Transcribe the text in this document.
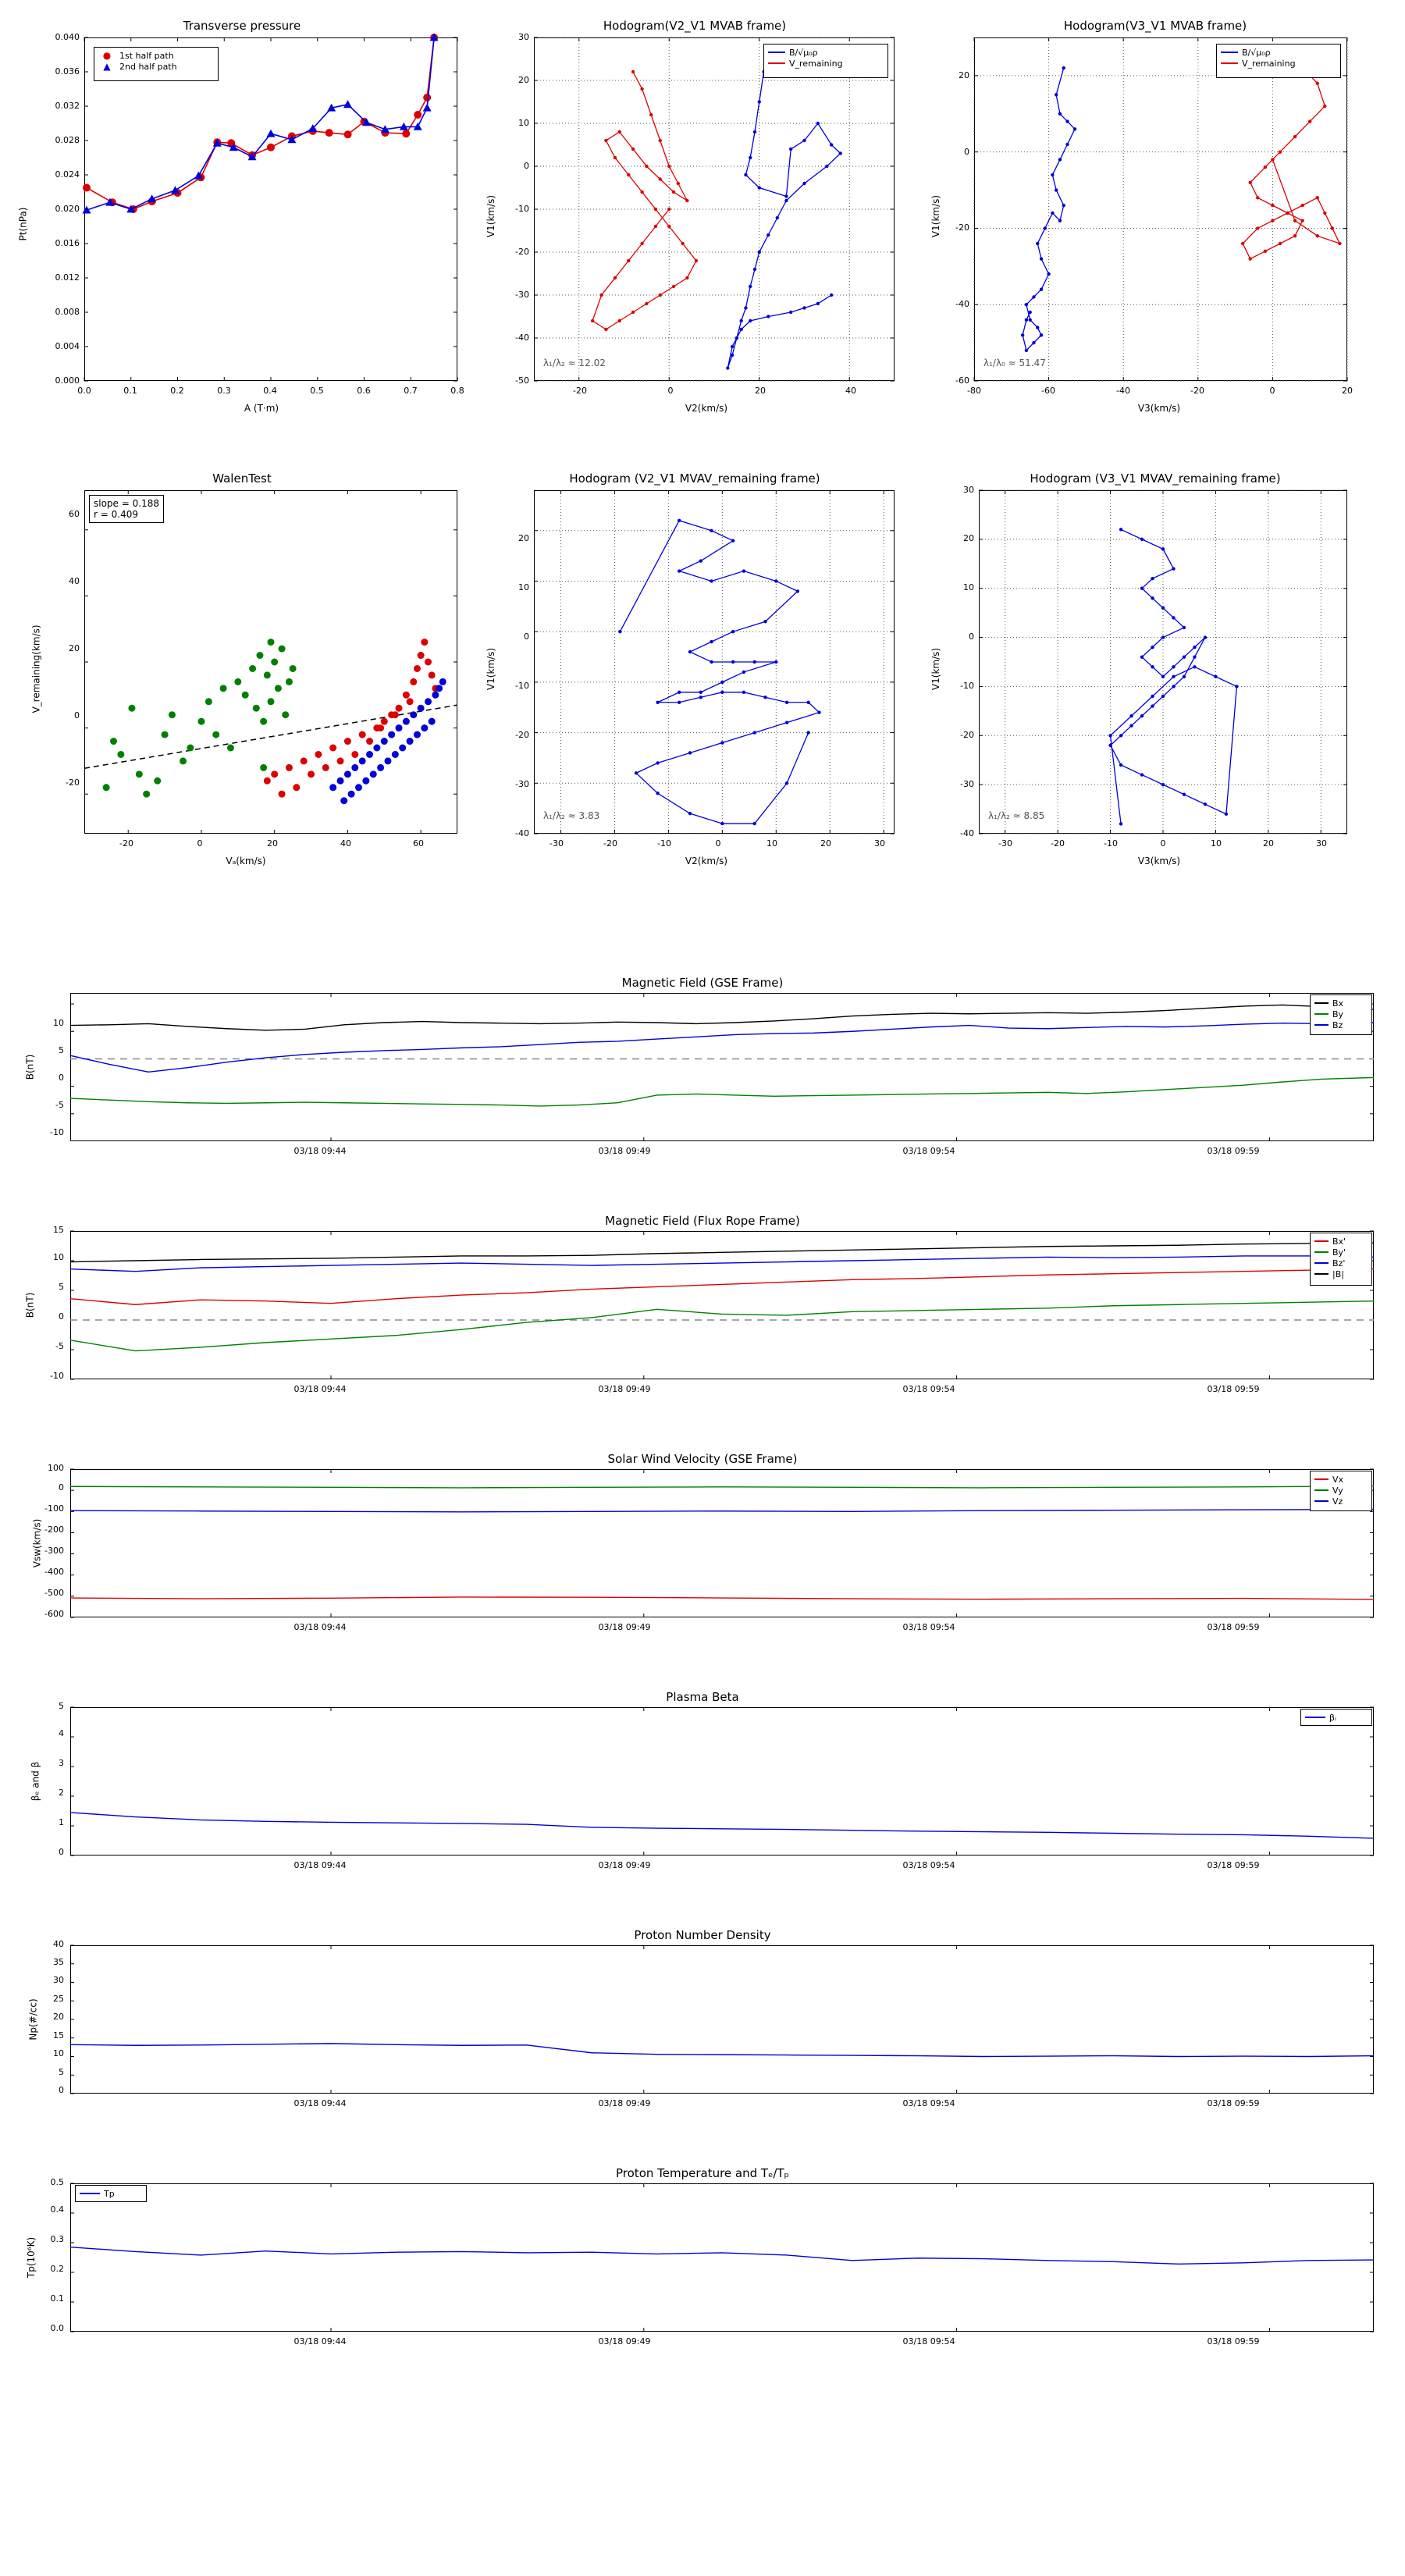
Transverse pressure
Pt(nPa)
A (T·m)
0.000
0.004
0.008
0.012
0.016
0.020
0.024
0.028
0.032
0.036
0.040
0.0	0.1	0.2	0.3	0.4	0.5	0.6	0.7	0.8
● 1st half path
▲	2nd half path
Hodogram(V2_V1 MVAB frame)
V1(km/s)
V2(km/s)
-50
-40
-30
-20
-10
0
10
20
30
-20	0	20	40
B/√μ₀ρ
V_remaining
λ₁/λ₂ ≈ 12.02
Hodogram(V3_V1 MVAB frame)
V1(km/s)
V3(km/s)
-60
-40
-20
0
20
-80	-60	-40	-20	0	20
B/√μ₀ρ
V_remaining
λ₁/λ₀ ≈ 51.47
WalenTest
V_remaining(km/s)
Vₐ(km/s)
-20
0
20
40
60
-20	0	20	40	60
slope = 0.188
r = 0.409
Hodogram (V2_V1 MVAV_remaining frame)
V1(km/s)
V2(km/s)
-40
-30
-20
-10
0
10
20
-30	-20	-10	0	10	20	30
λ₁/λ₂ ≈ 3.83
Hodogram (V3_V1 MVAV_remaining frame)
V1(km/s)
V3(km/s)
-40
-30
-20
-10
0
10
20
30
-30	-20	-10	0	10	20	30
λ₁/λ₂ ≈ 8.85
Magnetic Field (GSE Frame)
B(nT)
-10
-5
0
5
10
03/18 09:44	03/18 09:49	03/18 09:54	03/18 09:59
Bx
By
Bz
Magnetic Field (Flux Rope Frame)
B(nT)
-10
-5
0
5
10
15
03/18 09:44	03/18 09:49	03/18 09:54	03/18 09:59
Bx'
By'
Bz'
|B|
Solar Wind Velocity (GSE Frame)
Vsw(km/s)
-600
-500
-400
-300
-200
-100
0
100
03/18 09:44	03/18 09:49	03/18 09:54	03/18 09:59
Vx
Vy
Vz
Plasma Beta
βₑ and β
0
1
2
3
4
5
03/18 09:44	03/18 09:49	03/18 09:54	03/18 09:59
βᵢ
Proton Number Density
Np(#/cc)
0
5
10
15
20
25
30
35
40
03/18 09:44	03/18 09:49	03/18 09:54	03/18 09:59
Proton Temperature and Tₑ/Tₚ
Tp(10⁶K)
0.0
0.1
0.2
0.3
0.4
0.5
03/18 09:44	03/18 09:49	03/18 09:54	03/18 09:59
Tp
